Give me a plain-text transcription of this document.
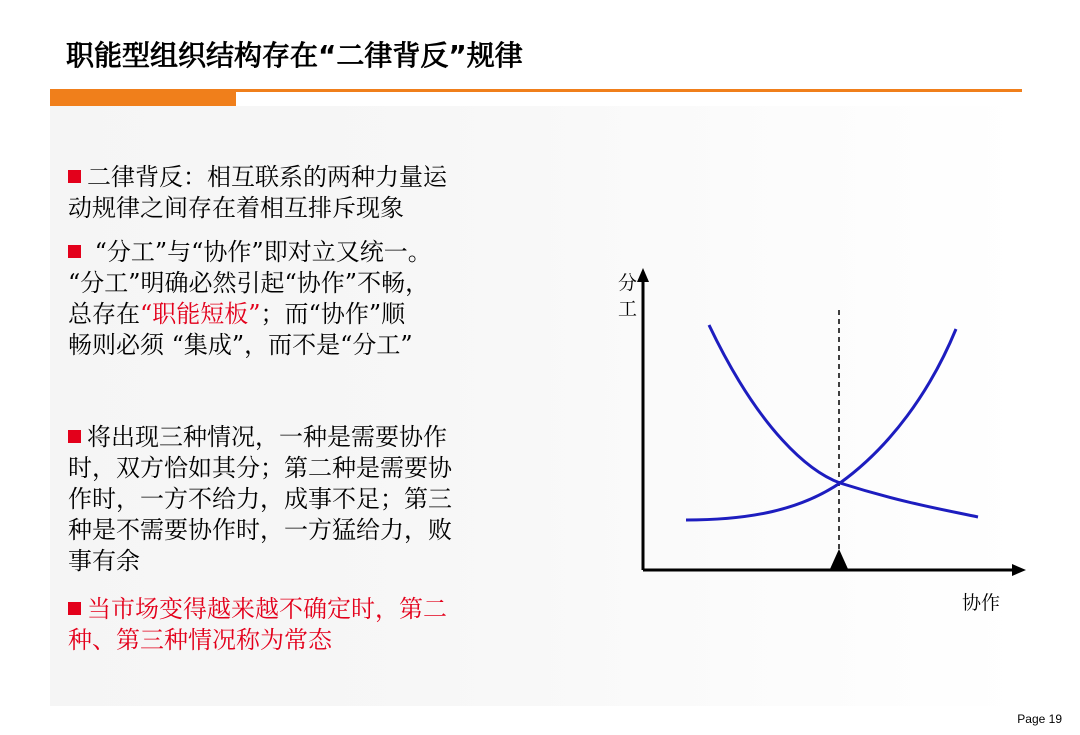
职能型组织结构存在“二律背反”规律
二律背反：相互联系的两种力量运
动规律之间存在着相互排斥现象
“分工”与“协作”即对立又统一。
“分工”明确必然引起“协作”不畅，
总存在“职能短板”；而“协作”顺
畅则必须 “集成”，而不是“分工”
将出现三种情况，一种是需要协作
时，双方恰如其分；第二种是需要协
作时，一方不给力，成事不足；第三
种是不需要协作时，一方猛给力，败
事有余
当市场变得越来越不确定时，第二
种、第三种情况称为常态
分
工
协作
Page 19
